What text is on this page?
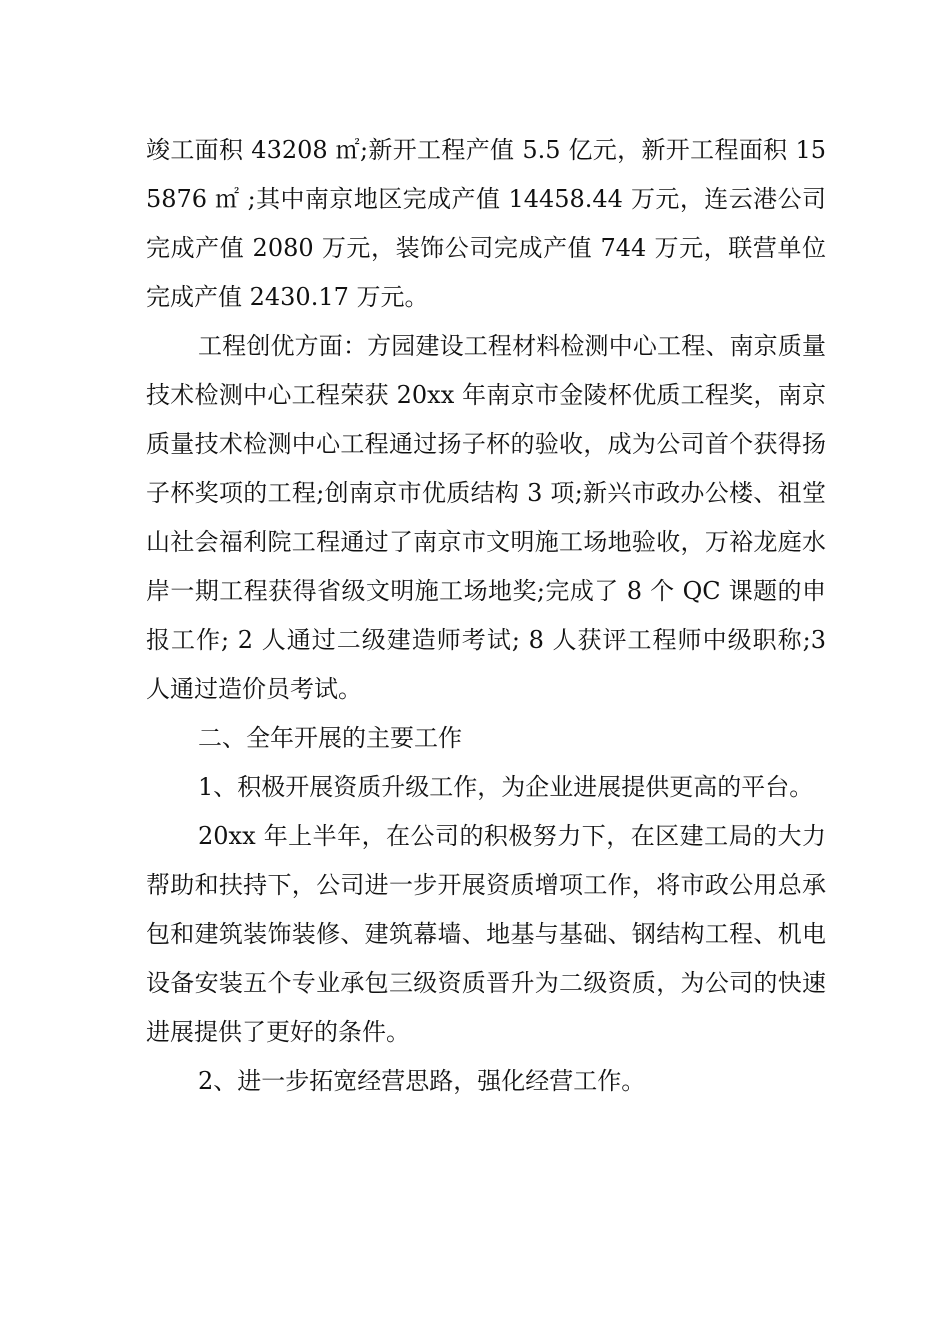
竣工面积 43208 ㎡;新开工程产值 5.5 亿元，新开工程面积 155876 ㎡ ;其中南京地区完成产值 14458.44 万元，连云港公司完成产值 2080 万元，装饰公司完成产值 744 万元，联营单位完成产值 2430.17 万元。

工程创优方面：方园建设工程材料检测中心工程、南京质量技术检测中心工程荣获 20xx 年南京市金陵杯优质工程奖，南京质量技术检测中心工程通过扬子杯的验收，成为公司首个获得扬子杯奖项的工程;创南京市优质结构 3 项;新兴市政办公楼、祖堂山社会福利院工程通过了南京市文明施工场地验收，万裕龙庭水岸一期工程获得省级文明施工场地奖;完成了 8 个 QC 课题的申报工作; 2 人通过二级建造师考试; 8 人获评工程师中级职称;3 人通过造价员考试。

二、全年开展的主要工作

1、积极开展资质升级工作，为企业进展提供更高的平台。

20xx 年上半年，在公司的积极努力下，在区建工局的大力帮助和扶持下，公司进一步开展资质增项工作，将市政公用总承包和建筑装饰装修、建筑幕墙、地基与基础、钢结构工程、机电设备安装五个专业承包三级资质晋升为二级资质，为公司的快速进展提供了更好的条件。

2、进一步拓宽经营思路，强化经营工作。
